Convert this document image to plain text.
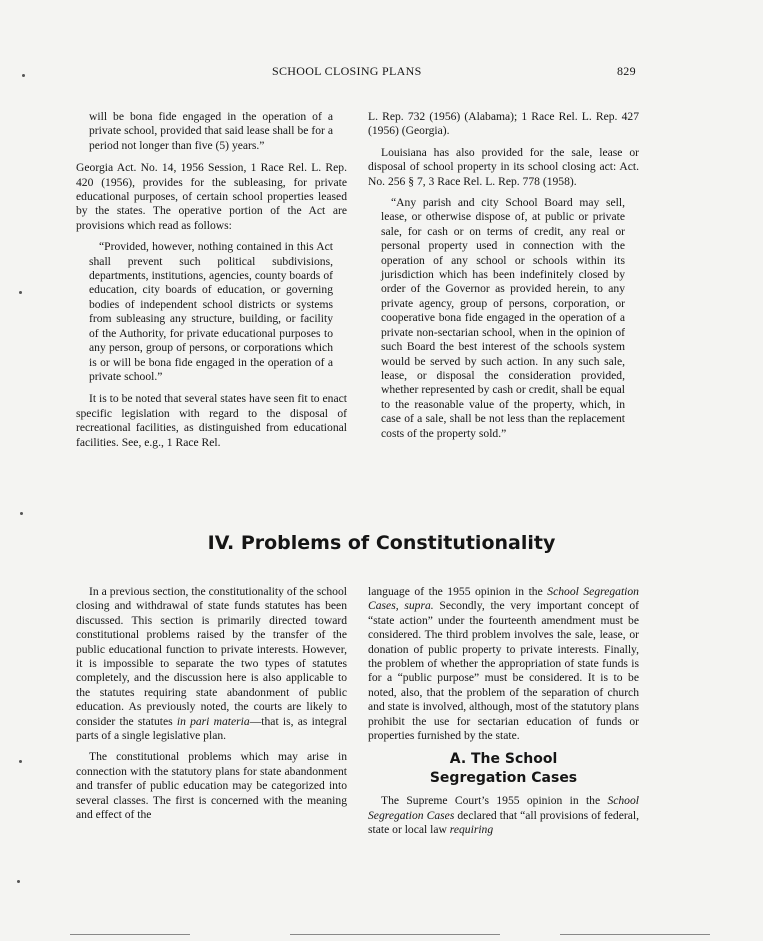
SCHOOL CLOSING PLANS	829

will be bona fide engaged in the operation of a private school, provided that said lease shall be for a period not longer than five (5) years.”

Georgia Act. No. 14, 1956 Session, 1 Race Rel. L. Rep. 420 (1956), provides for the subleasing, for private educational purposes, of certain school properties leased by the states. The operative portion of the Act are provisions which read as follows:

“Provided, however, nothing contained in this Act shall prevent such political subdivisions, departments, institutions, agencies, county boards of education, city boards of education, or governing bodies of independent school districts or systems from subleasing any structure, building, or facility of the Authority, for private educational purposes to any person, group of persons, or corporations which is or will be bona fide engaged in the operation of a private school.”

It is to be noted that several states have seen fit to enact specific legislation with regard to the disposal of recreational facilities, as distinguished from educational facilities. See, e.g., 1 Race Rel.

L. Rep. 732 (1956) (Alabama); 1 Race Rel. L. Rep. 427 (1956) (Georgia).

Louisiana has also provided for the sale, lease or disposal of school property in its school closing act: Act. No. 256 § 7, 3 Race Rel. L. Rep. 778 (1958).

“Any parish and city School Board may sell, lease, or otherwise dispose of, at public or private sale, for cash or on terms of credit, any real or personal property used in connection with the operation of any school or schools within its jurisdiction which has been indefinitely closed by order of the Governor as provided herein, to any private agency, group of persons, corporation, or cooperative bona fide engaged in the operation of a private non-sectarian school, when in the opinion of such Board the best interest of the schools system would be served by such action. In any such sale, lease, or disposal the consideration provided, whether represented by cash or credit, shall be equal to the reasonable value of the property, which, in case of a sale, shall be not less than the replacement costs of the property sold.”

IV. Problems of Constitutionality

In a previous section, the constitutionality of the school closing and withdrawal of state funds statutes has been discussed. This section is primarily directed toward constitutional problems raised by the transfer of the public educational function to private interests. However, it is impossible to separate the two types of statutes completely, and the discussion here is also applicable to the statutes requiring state abandonment of public education. As previously noted, the courts are likely to consider the statutes in pari materia—that is, as integral parts of a single legislative plan.

The constitutional problems which may arise in connection with the statutory plans for state abandonment and transfer of public education may be categorized into several classes. The first is concerned with the meaning and effect of the

language of the 1955 opinion in the School Segregation Cases, supra. Secondly, the very important concept of “state action” under the fourteenth amendment must be considered. The third problem involves the sale, lease, or donation of public property to private interests. Finally, the problem of whether the appropriation of state funds is for a “public purpose” must be considered. It is to be noted, also, that the problem of the separation of church and state is involved, although, most of the statutory plans prohibit the use for sectarian education of funds or properties furnished by the state.

A. The School
Segregation Cases

The Supreme Court’s 1955 opinion in the School Segregation Cases declared that “all provisions of federal, state or local law requiring
